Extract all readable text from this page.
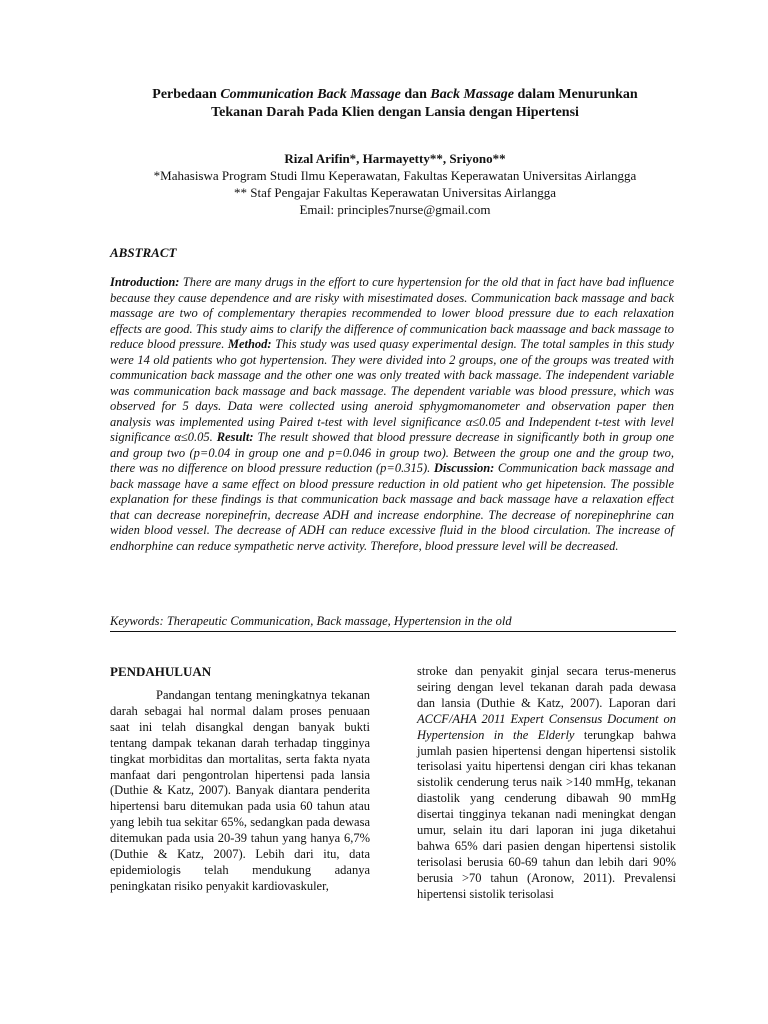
Perbedaan Communication Back Massage dan Back Massage dalam Menurunkan
Tekanan Darah Pada Klien dengan Lansia dengan Hipertensi
Rizal Arifin*, Harmayetty**, Sriyono**
*Mahasiswa Program Studi Ilmu Keperawatan, Fakultas Keperawatan Universitas Airlangga
** Staf Pengajar Fakultas Keperawatan Universitas Airlangga
Email: principles7nurse@gmail.com
ABSTRACT

Introduction: There are many drugs in the effort to cure hypertension for the old that in fact have bad influence because they cause dependence and are risky with misestimated doses. Communication back massage and back massage are two of complementary therapies recommended to lower blood pressure due to each relaxation effects are good. This study aims to clarify the difference of communication back maassage and back massage to reduce blood pressure. Method: This study was used quasy experimental design. The total samples in this study were 14 old patients who got hypertension. They were divided into 2 groups, one of the groups was treated with communication back massage and the other one was only treated with back massage. The independent variable was communication back massage and back massage. The dependent variable was blood pressure, which was observed for 5 days. Data were collected using aneroid sphygmomanometer and observation paper then analysis was implemented using Paired t-test with level significance α≤0.05 and Independent t-test with level significance α≤0.05. Result: The result showed that blood pressure decrease in significantly both in group one and group two (p=0.04 in group one and p=0.046 in group two). Between the group one and the group two, there was no difference on blood pressure reduction (p=0.315). Discussion: Communication back massage and back massage have a same effect on blood pressure reduction in old patient who get hipetension. The possible explanation for these findings is that communication back massage and back massage have a relaxation effect that can decrease norepinefrin, decrease ADH and increase endorphine. The decrease of norepinephrine can widen blood vessel. The decrease of ADH can reduce excessive fluid in the blood circulation. The increase of endhorphine can reduce sympathetic nerve activity. Therefore, blood pressure level will be decreased.

Keywords: Therapeutic Communication, Back massage, Hypertension in the old
PENDAHULUAN
Pandangan tentang meningkatnya tekanan darah sebagai hal normal dalam proses penuaan saat ini telah disangkal dengan banyak bukti tentang dampak tekanan darah terhadap tingginya tingkat morbiditas dan mortalitas, serta fakta nyata manfaat dari pengontrolan hipertensi pada lansia (Duthie & Katz, 2007). Banyak diantara penderita hipertensi baru ditemukan pada usia 60 tahun atau yang lebih tua sekitar 65%, sedangkan pada dewasa ditemukan pada usia 20-39 tahun yang hanya 6,7% (Duthie & Katz, 2007). Lebih dari itu, data epidemiologis telah mendukung adanya peningkatan risiko penyakit kardiovaskuler,
stroke dan penyakit ginjal secara terus-menerus seiring dengan level tekanan darah pada dewasa dan lansia (Duthie & Katz, 2007). Laporan dari ACCF/AHA 2011 Expert Consensus Document on Hypertension in the Elderly terungkap bahwa jumlah pasien hipertensi dengan hipertensi sistolik terisolasi yaitu hipertensi dengan ciri khas tekanan sistolik cenderung terus naik >140 mmHg, tekanan diastolik yang cenderung dibawah 90 mmHg disertai tingginya tekanan nadi meningkat dengan umur, selain itu dari laporan ini juga diketahui bahwa 65% dari pasien dengan hipertensi sistolik terisolasi berusia 60-69 tahun dan lebih dari 90% berusia >70 tahun (Aronow, 2011). Prevalensi hipertensi sistolik terisolasi
